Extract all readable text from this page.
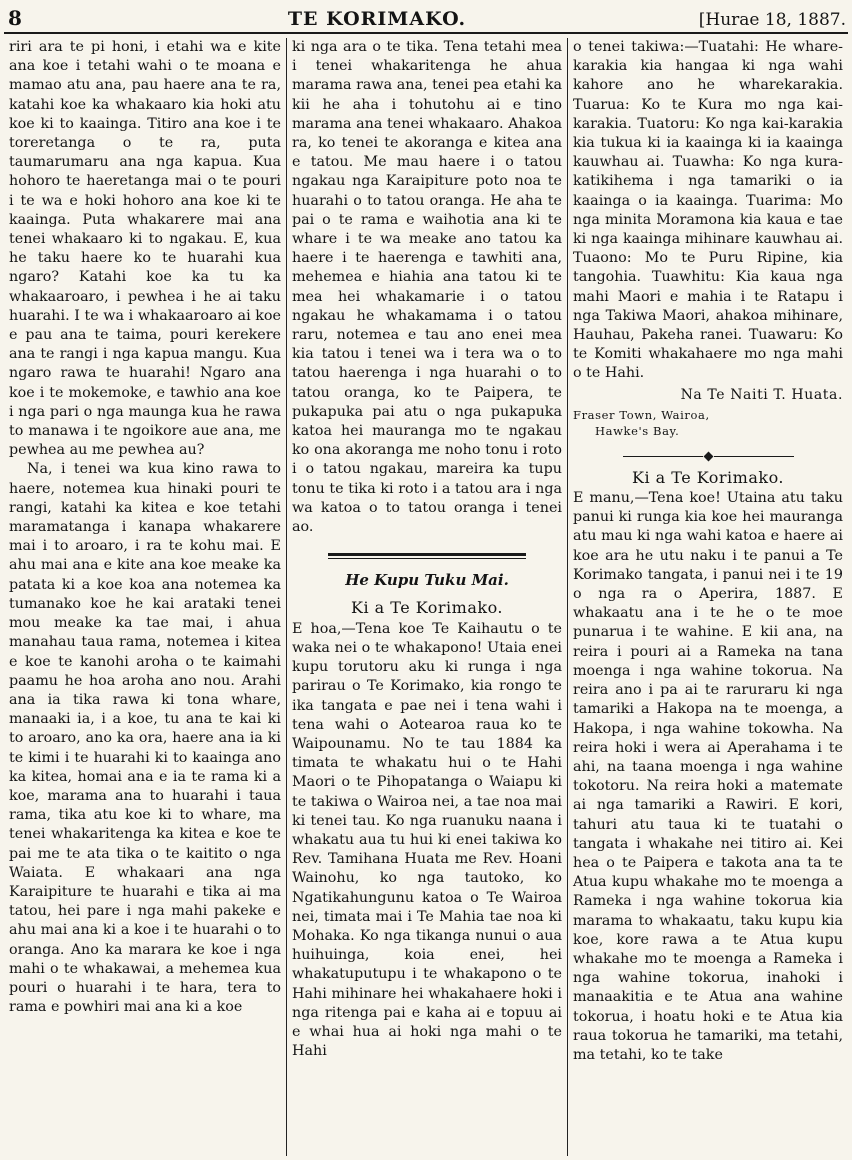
8	TE KORIMAKO.	[Hurae 18, 1887.

riri ara te pi honi, i etahi wa e kite ana koe i tetahi wahi o te moana e mamao atu ana, pau haere ana te ra, katahi koe ka whakaaro kia hoki atu koe ki to kaainga. Titiro ana koe i te toreretanga o te ra, puta taumarumaru ana nga kapua. Kua hohoro te haeretanga mai o te pouri i te wa e hoki hohoro ana koe ki te kaainga. Puta whakarere mai ana tenei whakaaro ki to ngakau. E, kua he taku haere ko te huarahi kua ngaro? Katahi koe ka tu ka whakaaroaro, i pewhea i he ai taku huarahi. I te wa i whakaaroaro ai koe e pau ana te taima, pouri kerekere ana te rangi i nga kapua mangu. Kua ngaro rawa te huarahi! Ngaro ana koe i te mokemoke, e tawhio ana koe i nga pari o nga maunga kua he rawa to manawa i te ngoikore aue ana, me pewhea au me pewhea au?

Na, i tenei wa kua kino rawa to haere, notemea kua hinaki pouri te rangi, katahi ka kitea e koe tetahi maramatanga i kanapa whakarere mai i to aroaro, i ra te kohu mai. E ahu mai ana e kite ana koe meake ka patata ki a koe koa ana notemea ka tumanako koe he kai arataki tenei mou meake ka tae mai, i ahua manahau taua rama, notemea i kitea e koe te kanohi aroha o te kaimahi paamu he hoa aroha ano nou. Arahi ana ia tika rawa ki tona whare, manaaki ia, i a koe, tu ana te kai ki to aroaro, ano ka ora, haere ana ia ki te kimi i te huarahi ki to kaainga ano ka kitea, homai ana e ia te rama ki a koe, marama ana to huarahi i taua rama, tika atu koe ki to whare, ma tenei whakaritenga ka kitea e koe te pai me te ata tika o te kaitito o nga Waiata. E whakaari ana nga Karaipiture te huarahi e tika ai ma tatou, hei pare i nga mahi pakeke e ahu mai ana ki a koe i te huarahi o to oranga. Ano ka marara ke koe i nga mahi o te whakawai, a mehemea kua pouri o huarahi i te hara, tera to rama e powhiri mai ana ki a koe

ki nga ara o te tika. Tena tetahi mea i tenei whakaritenga he ahua marama rawa ana, tenei pea etahi ka kii he aha i tohutohu ai e tino marama ana tenei whakaaro. Ahakoa ra, ko tenei te akoranga e kitea ana e tatou. Me mau haere i o tatou ngakau nga Karaipiture poto noa te huarahi o to tatou oranga. He aha te pai o te rama e waihotia ana ki te whare i te wa meake ano tatou ka haere i te haerenga e tawhiti ana, mehemea e hiahia ana tatou ki te mea hei whakamarie i o tatou ngakau he whakamama i o tatou raru, notemea e tau ano enei mea kia tatou i tenei wa i tera wa o to tatou haerenga i nga huarahi o to tatou oranga, ko te Paipera, te pukapuka pai atu o nga pukapuka katoa hei mauranga mo te ngakau ko ona akoranga me noho tonu i roto i o tatou ngakau, mareira ka tupu tonu te tika ki roto i a tatou ara i nga wa katoa o to tatou oranga i tenei ao.

He Kupu Tuku Mai.
Ki a Te Korimako.

E hoa,—Tena koe Te Kaihautu o te waka nei o te whakapono! Utaia enei kupu torutoru aku ki runga i nga parirau o Te Korimako, kia rongo te ika tangata e pae nei i tena wahi i tena wahi o Aotearoa raua ko te Waipounamu. No te tau 1884 ka timata te whakatu hui o te Hahi Maori o te Pihopatanga o Waiapu ki te takiwa o Wairoa nei, a tae noa mai ki tenei tau. Ko nga ruanuku naana i whakatu aua tu hui ki enei takiwa ko Rev. Tamihana Huata me Rev. Hoani Wainohu, ko nga tautoko, ko Ngatikahungunu katoa o Te Wairoa nei, timata mai i Te Mahia tae noa ki Mohaka. Ko nga tikanga nunui o aua huihuinga, koia enei, hei whakatuputupu i te whakapono o te Hahi mihinare hei whakahaere hoki i nga ritenga pai e kaha ai e topuu ai e whai hua ai hoki nga mahi o te Hahi

o tenei takiwa:—Tuatahi: He whare-karakia kia hangaa ki nga wahi kahore ano he wharekarakia. Tuarua: Ko te Kura mo nga kai-karakia. Tuatoru: Ko nga kai-karakia kia tukua ki ia kaainga ki ia kaainga kauwhau ai. Tuawha: Ko nga kura-katikihema i nga tamariki o ia kaainga o ia kaainga. Tuarima: Mo nga minita Moramona kia kaua e tae ki nga kaainga mihinare kauwhau ai. Tuaono: Mo te Puru Ripine, kia tangohia. Tuawhitu: Kia kaua nga mahi Maori e mahia i te Ratapu i nga Takiwa Maori, ahakoa mihinare, Hauhau, Pakeha ranei. Tuawaru: Ko te Komiti whakahaere mo nga mahi o te Hahi.

Na Te Naiti T. Huata.
Fraser Town, Wairoa,
Hawke's Bay.
Ki a Te Korimako.

E manu,—Tena koe! Utaina atu taku panui ki runga kia koe hei mauranga atu mau ki nga wahi katoa e haere ai koe ara he utu naku i te panui a Te Korimako tangata, i panui nei i te 19 o nga ra o Aperira, 1887. E whakaatu ana i te he o te moe punarua i te wahine. E kii ana, na reira i pouri ai a Rameka na tana moenga i nga wahine tokorua. Na reira ano i pa ai te raruraru ki nga tamariki a Hakopa na te moenga, a Hakopa, i nga wahine tokowha. Na reira hoki i wera ai Aperahama i te ahi, na taana moenga i nga wahine tokotoru. Na reira hoki a matemate ai nga tamariki a Rawiri. E kori, tahuri atu taua ki te tuatahi o tangata i whakahe nei titiro ai. Kei hea o te Paipera e takota ana ta te Atua kupu whakahe mo te moenga a Rameka i nga wahine tokorua kia marama to whakaatu, taku kupu kia koe, kore rawa a te Atua kupu whakahe mo te moenga a Rameka i nga wahine tokorua, inahoki i manaakitia e te Atua ana wahine tokorua, i hoatu hoki e te Atua kia raua tokorua he tamariki, ma tetahi, ma tetahi, ko te take
